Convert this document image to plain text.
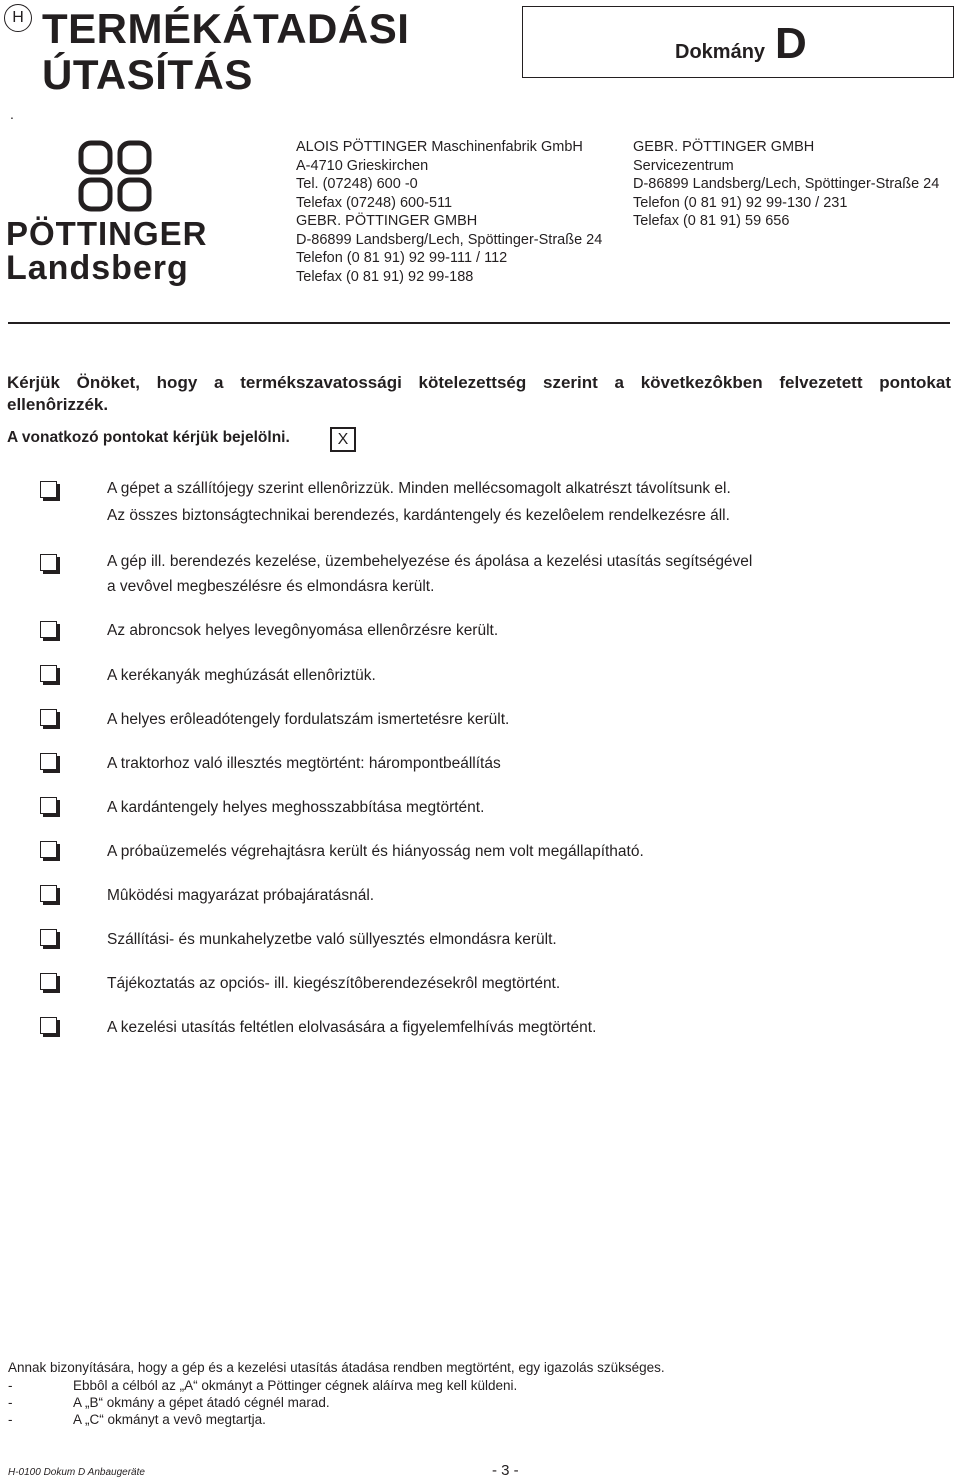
H TERMÉKÁTADÁSI
ÚTASÍTÁS
.
Dokmány D
PÖTTINGER
Landsberg
ALOIS PÖTTINGER Maschinenfabrik GmbH
A-4710 Grieskirchen
Tel. (07248) 600 -0
Telefax (07248) 600-511
GEBR. PÖTTINGER GMBH
D-86899 Landsberg/Lech, Spöttinger-Straße 24
Telefon (0 81 91) 92 99-111 / 112
Telefax (0 81 91) 92 99-188
GEBR. PÖTTINGER GMBH
Servicezentrum
D-86899 Landsberg/Lech, Spöttinger-Straße 24
Telefon (0 81 91) 92 99-130 / 231
Telefax (0 81 91) 59 656
Kérjük Önöket, hogy a termékszavatossági kötelezettség szerint a következôkben felvezetett pontokat
ellenôrizzék.
A vonatkozó pontokat kérjük bejelölni.	X
A gépet a szállítójegy szerint ellenôrizzük. Minden mellécsomagolt alkatrészt távolítsunk el.
Az összes biztonságtechnikai berendezés, kardántengely és kezelôelem rendelkezésre áll.
A gép ill. berendezés kezelése, üzembehelyezése és ápolása a kezelési utasítás segítségével
a vevôvel megbeszélésre és elmondásra került.
Az abroncsok helyes levegônyomása ellenôrzésre került.
A kerékanyák meghúzását ellenôriztük.
A helyes erôleadótengely fordulatszám ismertetésre került.
A traktorhoz való illesztés megtörtént: hárompontbeállítás
A kardántengely helyes meghosszabbítása megtörtént.
A próbaüzemelés végrehajtásra került és hiányosság nem volt megállapítható.
Mûködési magyarázat próbajáratásnál.
Szállítási- és munkahelyzetbe való süllyesztés elmondásra került.
Tájékoztatás az opciós- ill. kiegészítôberendezésekrôl megtörtént.
A kezelési utasítás feltétlen elolvasására a figyelemfelhívás megtörtént.
Annak bizonyítására, hogy a gép és a kezelési utasítás átadása rendben megtörtént, egy igazolás szükséges.
-	Ebbôl a célból az „A“ okmányt a Pöttinger cégnek aláírva meg kell küldeni.
-	A „B“ okmány a gépet átadó cégnél marad.
-	A „C“ okmányt a vevô megtartja.
H-0100 Dokum D Anbaugeräte	- 3 -
